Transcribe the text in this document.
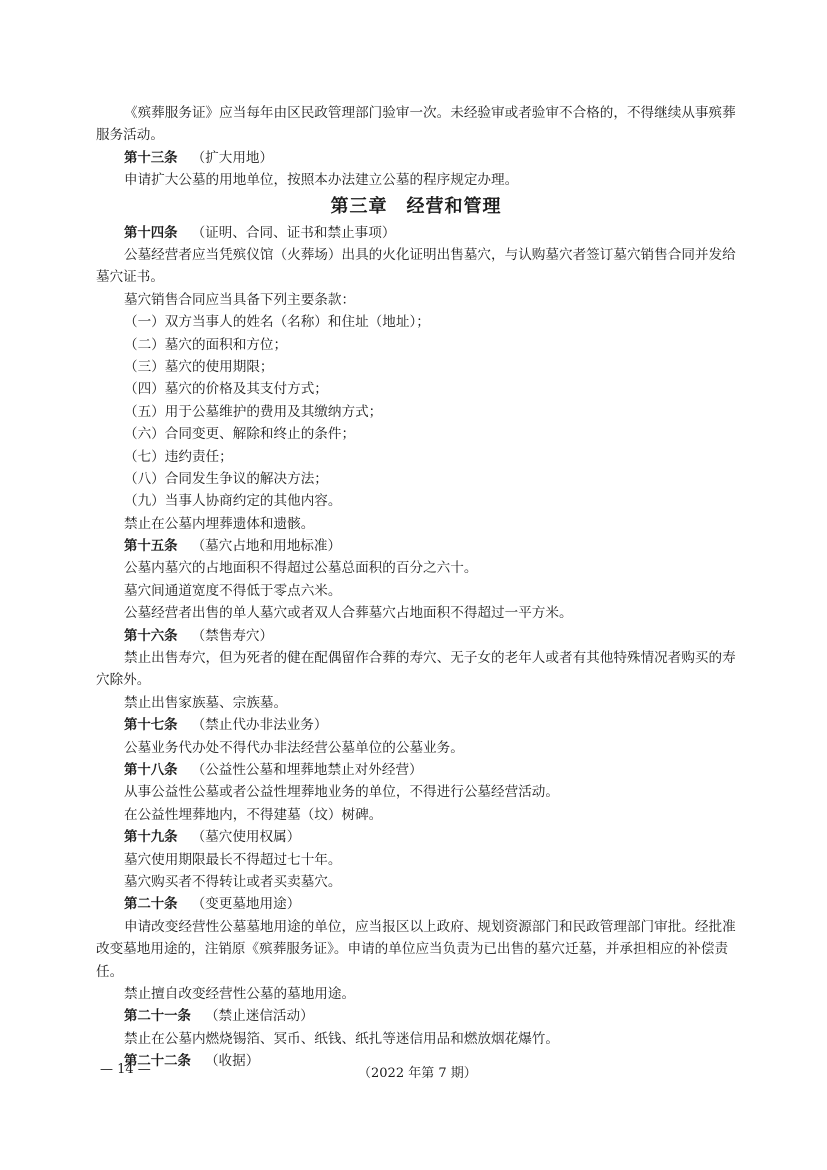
《殡葬服务证》应当每年由区民政管理部门验审一次。未经验审或者验审不合格的，不得继续从事殡葬服务活动。
第十三条 （扩大用地）
申请扩大公墓的用地单位，按照本办法建立公墓的程序规定办理。
第三章　经营和管理
第十四条 （证明、合同、证书和禁止事项）
公墓经营者应当凭殡仪馆（火葬场）出具的火化证明出售墓穴，与认购墓穴者签订墓穴销售合同并发给墓穴证书。
墓穴销售合同应当具备下列主要条款：
（一）双方当事人的姓名（名称）和住址（地址）；
（二）墓穴的面积和方位；
（三）墓穴的使用期限；
（四）墓穴的价格及其支付方式；
（五）用于公墓维护的费用及其缴纳方式；
（六）合同变更、解除和终止的条件；
（七）违约责任；
（八）合同发生争议的解决方法；
（九）当事人协商约定的其他内容。
禁止在公墓内埋葬遗体和遗骸。
第十五条 （墓穴占地和用地标准）
公墓内墓穴的占地面积不得超过公墓总面积的百分之六十。
墓穴间通道宽度不得低于零点六米。
公墓经营者出售的单人墓穴或者双人合葬墓穴占地面积不得超过一平方米。
第十六条 （禁售寿穴）
禁止出售寿穴，但为死者的健在配偶留作合葬的寿穴、无子女的老年人或者有其他特殊情况者购买的寿穴除外。
禁止出售家族墓、宗族墓。
第十七条 （禁止代办非法业务）
公墓业务代办处不得代办非法经营公墓单位的公墓业务。
第十八条 （公益性公墓和埋葬地禁止对外经营）
从事公益性公墓或者公益性埋葬地业务的单位，不得进行公墓经营活动。
在公益性埋葬地内，不得建墓（坟）树碑。
第十九条 （墓穴使用权属）
墓穴使用期限最长不得超过七十年。
墓穴购买者不得转让或者买卖墓穴。
第二十条 （变更墓地用途）
申请改变经营性公墓墓地用途的单位，应当报区以上政府、规划资源部门和民政管理部门审批。经批准改变墓地用途的，注销原《殡葬服务证》。申请的单位应当负责为已出售的墓穴迁墓，并承担相应的补偿责任。
禁止擅自改变经营性公墓的墓地用途。
第二十一条 （禁止迷信活动）
禁止在公墓内燃烧锡箔、冥币、纸钱、纸扎等迷信用品和燃放烟花爆竹。
第二十二条 （收据）
— 14 —	（2022 年第 7 期）
